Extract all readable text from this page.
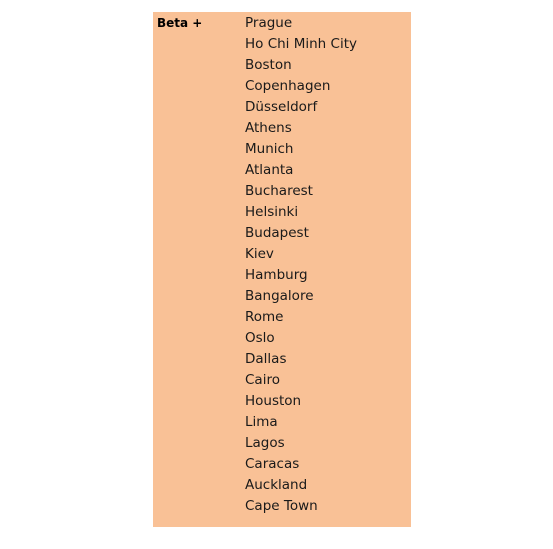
Beta +	Prague
Ho Chi Minh City
Boston
Copenhagen
Düsseldorf
Athens
Munich
Atlanta
Bucharest
Helsinki
Budapest
Kiev
Hamburg
Bangalore
Rome
Oslo
Dallas
Cairo
Houston
Lima
Lagos
Caracas
Auckland
Cape Town
